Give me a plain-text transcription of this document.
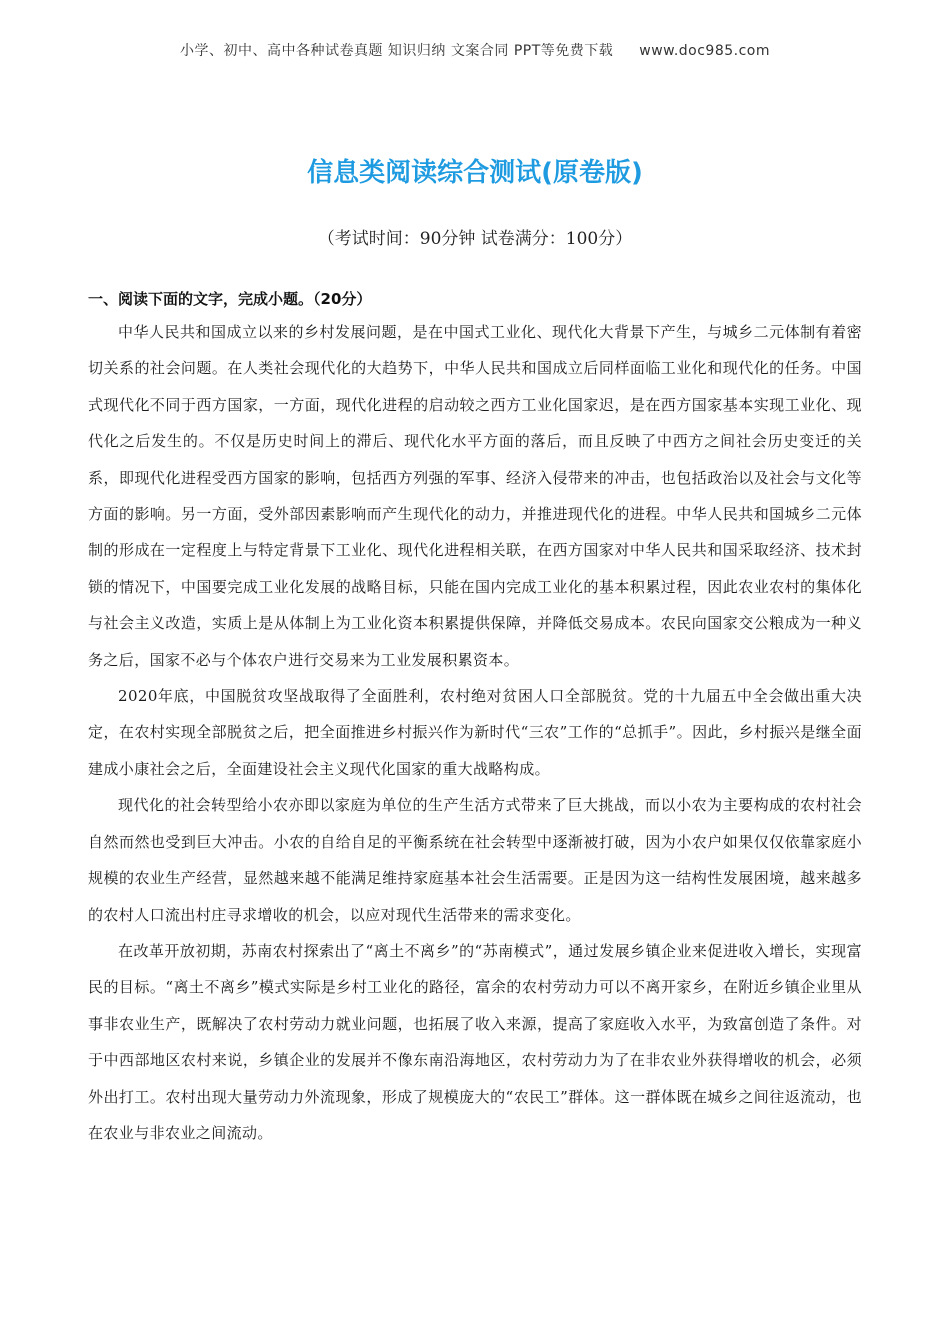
小学、初中、高中各种试卷真题 知识归纳 文案合同 PPT等免费下载 www.doc985.com
信息类阅读综合测试(原卷版)
（考试时间：90分钟 试卷满分：100分）
一、阅读下面的文字，完成小题。（20分）

中华人民共和国成立以来的乡村发展问题，是在中国式工业化、现代化大背景下产生，与城乡二元体制有着密切关系的社会问题。在人类社会现代化的大趋势下，中华人民共和国成立后同样面临工业化和现代化的任务。中国式现代化不同于西方国家，一方面，现代化进程的启动较之西方工业化国家迟，是在西方国家基本实现工业化、现代化之后发生的。不仅是历史时间上的滞后、现代化水平方面的落后，而且反映了中西方之间社会历史变迁的关系，即现代化进程受西方国家的影响，包括西方列强的军事、经济入侵带来的冲击，也包括政治以及社会与文化等方面的影响。另一方面，受外部因素影响而产生现代化的动力，并推进现代化的进程。中华人民共和国城乡二元体制的形成在一定程度上与特定背景下工业化、现代化进程相关联，在西方国家对中华人民共和国采取经济、技术封锁的情况下，中国要完成工业化发展的战略目标，只能在国内完成工业化的基本积累过程，因此农业农村的集体化与社会主义改造，实质上是从体制上为工业化资本积累提供保障，并降低交易成本。农民向国家交公粮成为一种义务之后，国家不必与个体农户进行交易来为工业发展积累资本。

2020年底，中国脱贫攻坚战取得了全面胜利，农村绝对贫困人口全部脱贫。党的十九届五中全会做出重大决定，在农村实现全部脱贫之后，把全面推进乡村振兴作为新时代“三农”工作的“总抓手”。因此，乡村振兴是继全面建成小康社会之后，全面建设社会主义现代化国家的重大战略构成。

现代化的社会转型给小农亦即以家庭为单位的生产生活方式带来了巨大挑战，而以小农为主要构成的农村社会自然而然也受到巨大冲击。小农的自给自足的平衡系统在社会转型中逐渐被打破，因为小农户如果仅仅依靠家庭小规模的农业生产经营，显然越来越不能满足维持家庭基本社会生活需要。正是因为这一结构性发展困境，越来越多的农村人口流出村庄寻求增收的机会，以应对现代生活带来的需求变化。

在改革开放初期，苏南农村探索出了“离土不离乡”的“苏南模式”，通过发展乡镇企业来促进收入增长，实现富民的目标。“离土不离乡”模式实际是乡村工业化的路径，富余的农村劳动力可以不离开家乡，在附近乡镇企业里从事非农业生产，既解决了农村劳动力就业问题，也拓展了收入来源，提高了家庭收入水平，为致富创造了条件。对于中西部地区农村来说，乡镇企业的发展并不像东南沿海地区，农村劳动力为了在非农业外获得增收的机会，必须外出打工。农村出现大量劳动力外流现象，形成了规模庞大的“农民工”群体。这一群体既在城乡之间往返流动，也在农业与非农业之间流动。
